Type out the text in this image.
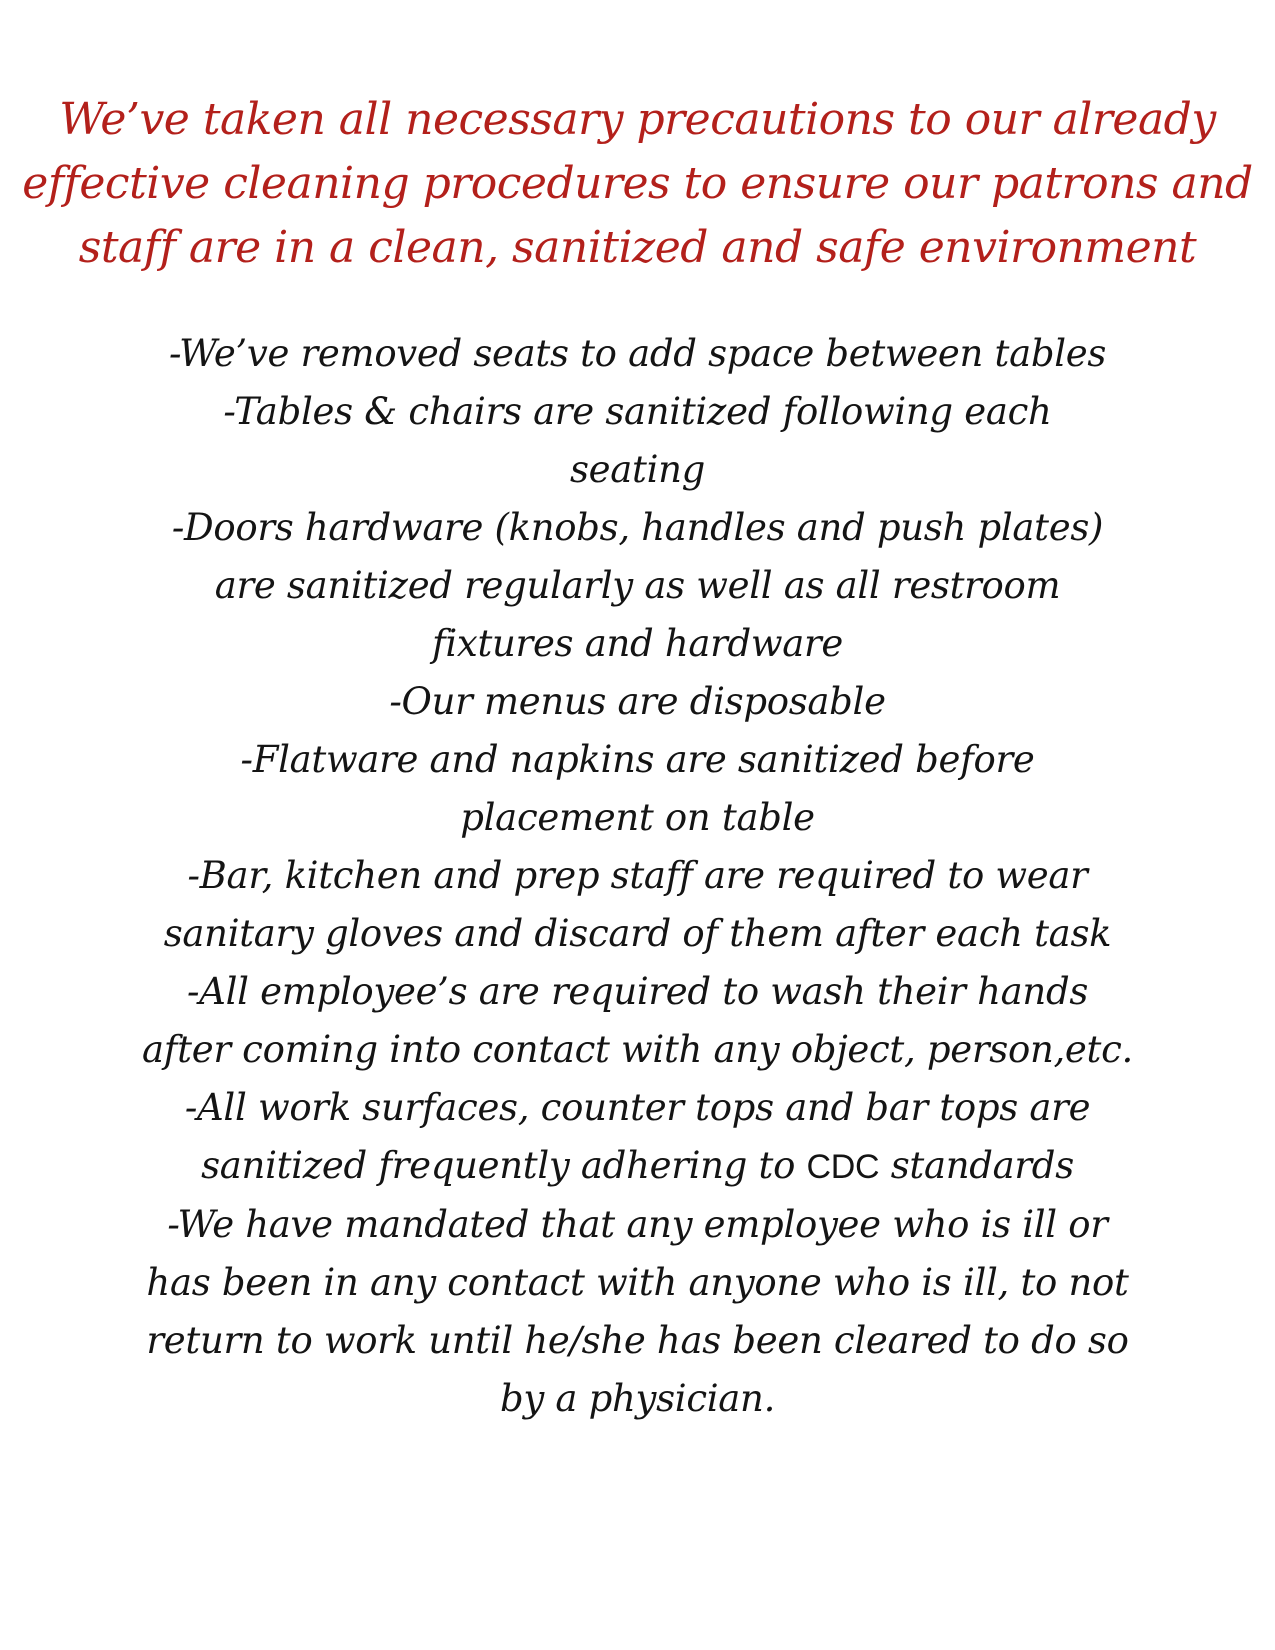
We’ve taken all necessary precautions to our already
effective cleaning procedures to ensure our patrons and
staff are in a clean, sanitized and safe environment
-We’ve removed seats to add space between tables
-Tables & chairs are sanitized following each
seating
-Doors hardware (knobs, handles and push plates)
are sanitized regularly as well as all restroom
fixtures and hardware
-Our menus are disposable
-Flatware and napkins are sanitized before
placement on table
-Bar, kitchen and prep staff are required to wear
sanitary gloves and discard of them after each task
-All employee’s are required to wash their hands
after coming into contact with any object, person,etc.
-All work surfaces, counter tops and bar tops are
sanitized frequently adhering to CDC standards
-We have mandated that any employee who is ill or
has been in any contact with anyone who is ill, to not
return to work until he/she has been cleared to do so
by a physician.
